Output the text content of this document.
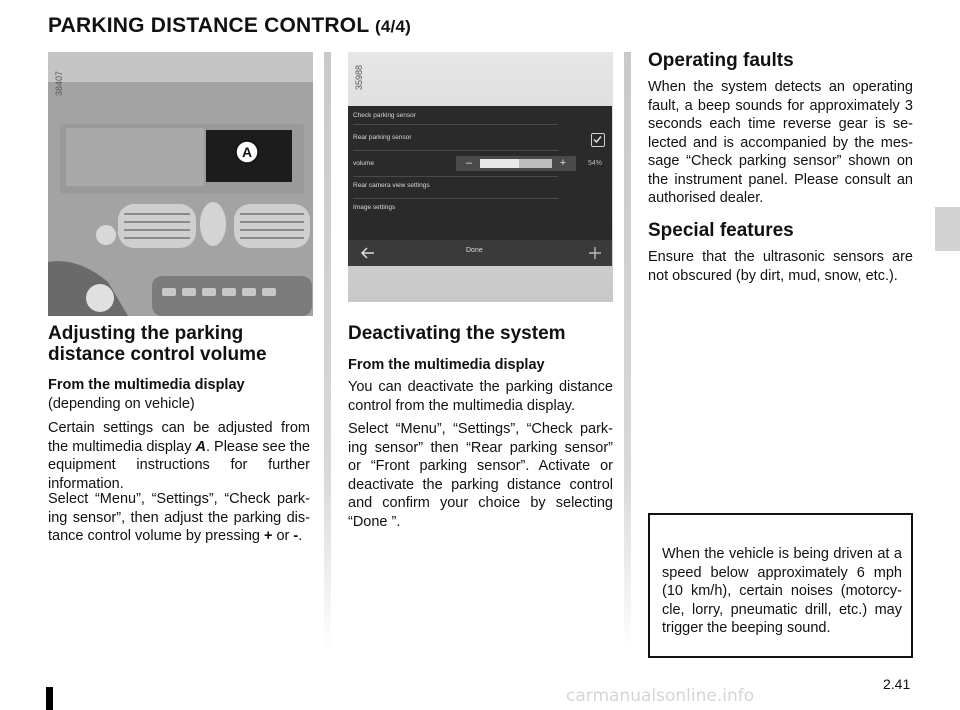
PARKING DISTANCE CONTROL (4/4)
38407
A
35988
Check parking sensor
Rear parking sensor
volume	–	+	54%
Rear camera view settings
Image settings
Done
Adjusting the parking
distance control volume
From the multimedia display
(depending on vehicle)
Certain settings can be adjusted from the multimedia display A. Please see the equipment instructions for further information.
Select “Menu”, “Settings”, “Check park-ing sensor”, then adjust the parking dis-tance control volume by pressing + or -.
Deactivating the system
From the multimedia display
You can deactivate the parking distance control from the multimedia display.
Select “Menu”, “Settings”, “Check park-ing sensor” then “Rear parking sensor” or “Front parking sensor”. Activate or deactivate the parking distance control and confirm your choice by selecting “Done ”.
Operating faults
When the system detects an operating fault, a beep sounds for approximately 3 seconds each time reverse gear is se-lected and is accompanied by the mes-sage “Check parking sensor” shown on the instrument panel. Please consult an authorised dealer.
Special features
Ensure that the ultrasonic sensors are not obscured (by dirt, mud, snow, etc.).
When the vehicle is being driven at a speed below approximately 6 mph (10 km/h), certain noises (motorcy-cle, lorry, pneumatic drill, etc.) may trigger the beeping sound.
2.41
carmanualsonline.info
